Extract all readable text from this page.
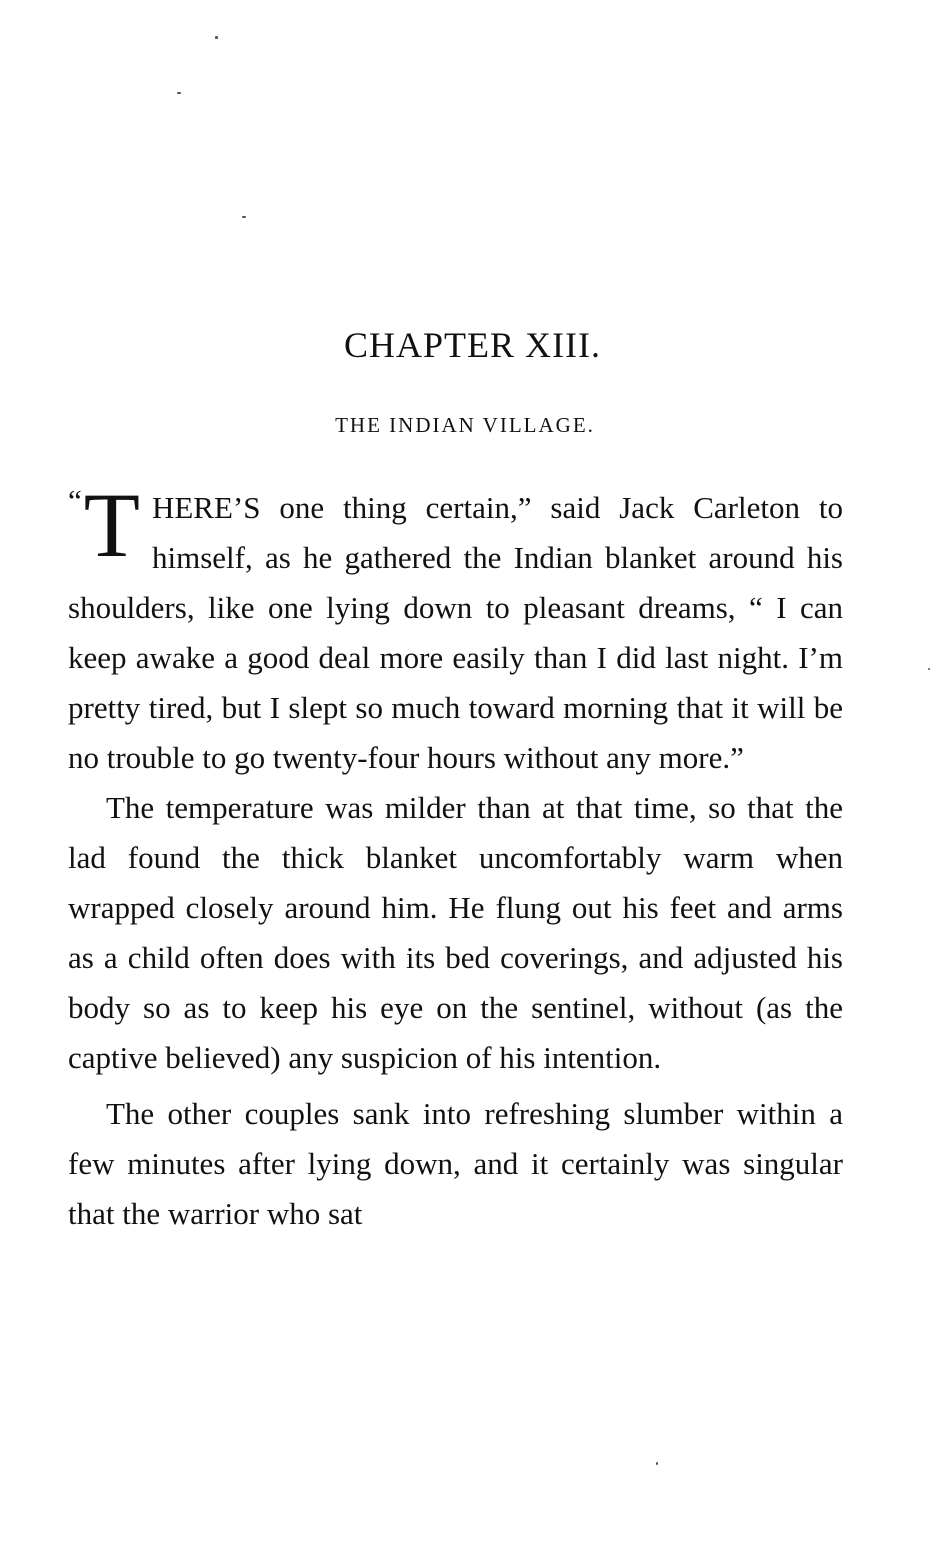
CHAPTER XIII.
THE INDIAN VILLAGE.

“T HERE’S one thing certain,” said Jack Carleton to himself, as he gathered the Indian blanket around his shoulders, like one lying down to pleasant dreams, “ I can keep awake a good deal more easily than I did last night. I’m pretty tired, but I slept so much toward morning that it will be no trouble to go twenty-four hours without any more.”

The temperature was milder than at that time, so that the lad found the thick blanket uncomfortably warm when wrapped closely around him. He flung out his feet and arms as a child often does with its bed coverings, and adjusted his body so as to keep his eye on the sentinel, without (as the captive believed) any suspicion of his intention.

The other couples sank into refreshing slumber within a few minutes after lying down, and it certainly was singular that the warrior who sat
